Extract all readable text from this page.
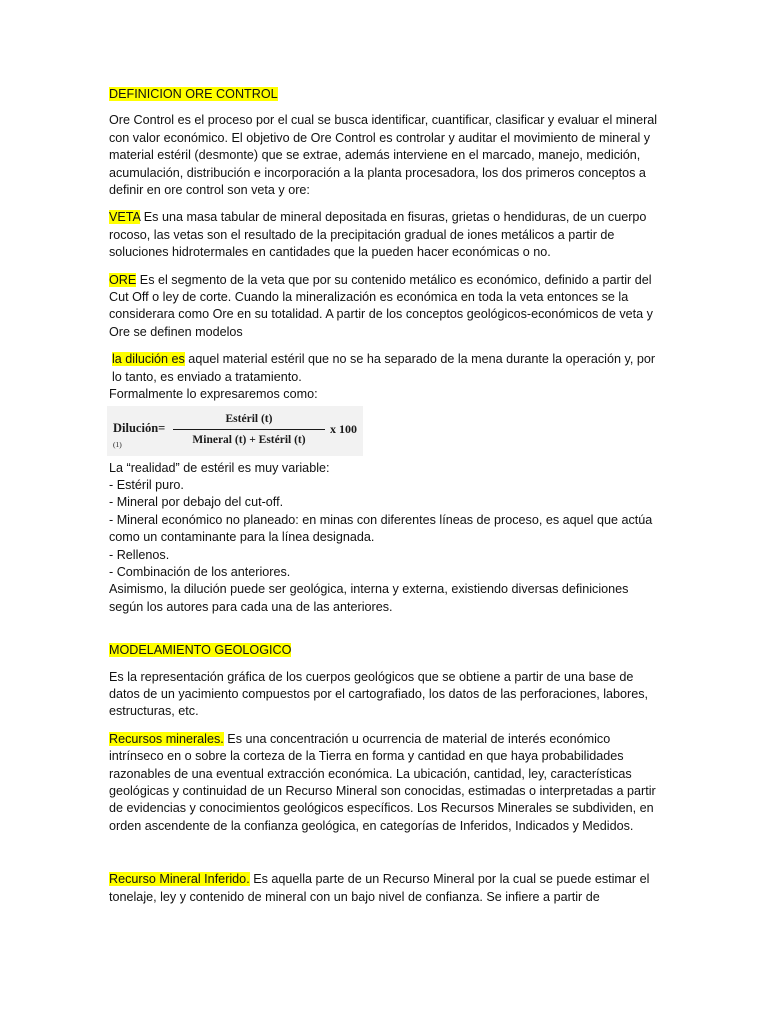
DEFINICION ORE CONTROL

Ore Control es el proceso por el cual se busca identificar, cuantificar, clasificar y evaluar el mineral con valor económico. El objetivo de Ore Control es controlar y auditar el movimiento de mineral y material estéril (desmonte) que se extrae, además interviene en el marcado, manejo, medición, acumulación, distribución e incorporación a la planta procesadora, los dos primeros conceptos a definir en ore control son veta y ore:

VETA Es una masa tabular de mineral depositada en fisuras, grietas o hendiduras, de un cuerpo rocoso, las vetas son el resultado de la precipitación gradual de iones metálicos a partir de soluciones hidrotermales en cantidades que la pueden hacer económicas o no.

ORE Es el segmento de la veta que por su contenido metálico es económico, definido a partir del Cut Off o ley de corte. Cuando la mineralización es económica en toda la veta entonces se la considerara como Ore en su totalidad. A partir de los conceptos geológicos-económicos de veta y Ore se definen modelos

la dilución es aquel material estéril que no se ha separado de la mena durante la operación y, por lo tanto, es enviado a tratamiento.

Formalmente lo expresaremos como:

Dilución=
(1)	$\frac{\text{Estéril (t)}}{\text{Mineral (t) + Estéril (t)}}$ x 100

La “realidad” de estéril es muy variable:

- Estéril puro.

- Mineral por debajo del cut-off.

- Mineral económico no planeado: en minas con diferentes líneas de proceso, es aquel que actúa como un contaminante para la línea designada.

- Rellenos.

- Combinación de los anteriores.

Asimismo, la dilución puede ser geológica, interna y externa, existiendo diversas definiciones según los autores para cada una de las anteriores.

MODELAMIENTO GEOLOGICO

Es la representación gráfica de los cuerpos geológicos que se obtiene a partir de una base de datos de un yacimiento compuestos por el cartografiado, los datos de las perforaciones, labores, estructuras, etc.

Recursos minerales. Es una concentración u ocurrencia de material de interés económico intrínseco en o sobre la corteza de la Tierra en forma y cantidad en que haya probabilidades razonables de una eventual extracción económica. La ubicación, cantidad, ley, características geológicas y continuidad de un Recurso Mineral son conocidas, estimadas o interpretadas a partir de evidencias y conocimientos geológicos específicos. Los Recursos Minerales se subdividen, en orden ascendente de la confianza geológica, en categorías de Inferidos, Indicados y Medidos.

Recurso Mineral Inferido. Es aquella parte de un Recurso Mineral por la cual se puede estimar el tonelaje, ley y contenido de mineral con un bajo nivel de confianza. Se infiere a partir de
